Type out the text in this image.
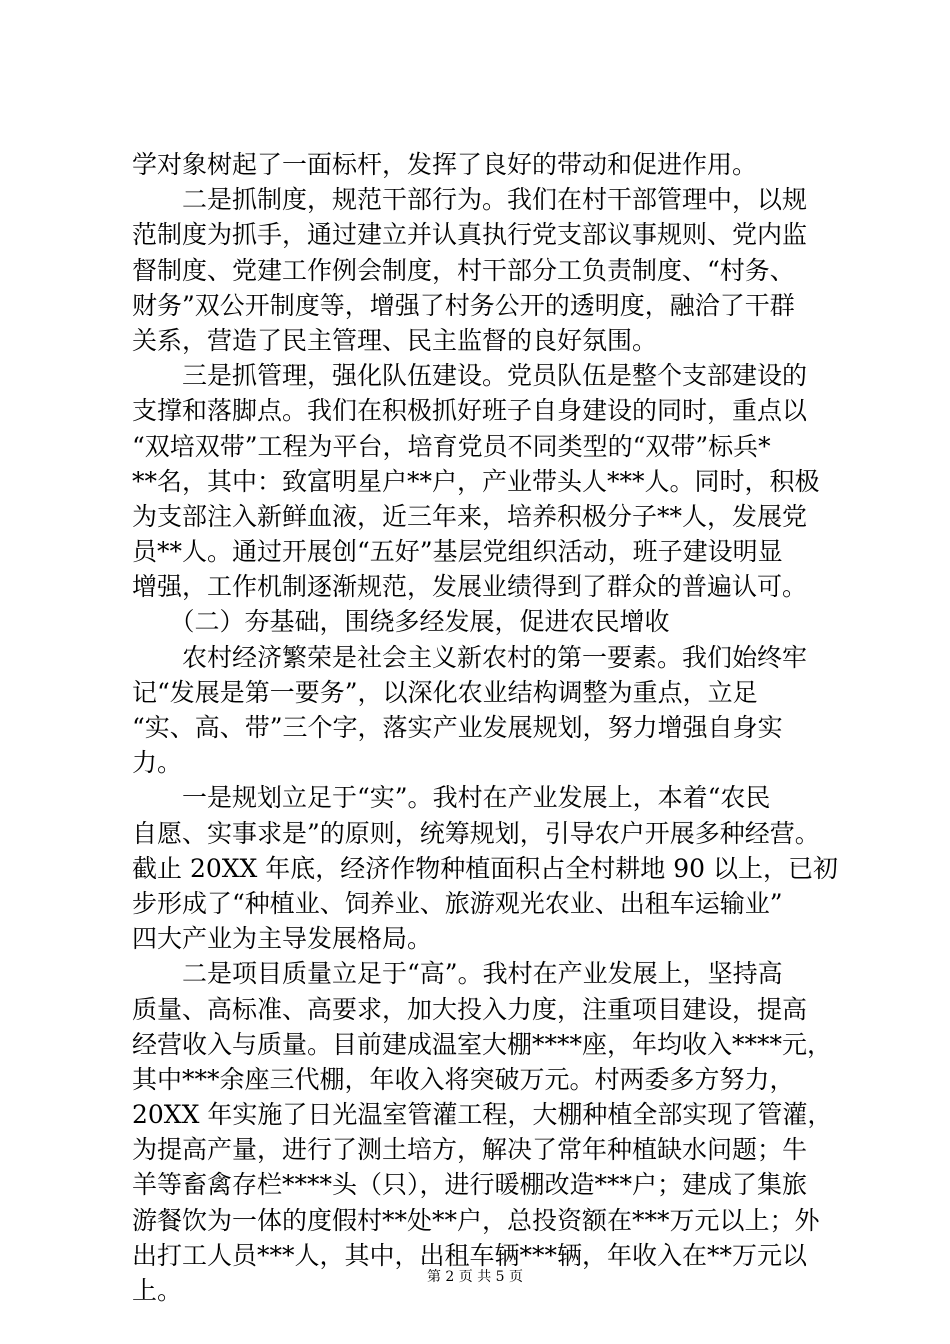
学对象树起了一面标杆，发挥了良好的带动和促进作用。
　　二是抓制度，规范干部行为。我们在村干部管理中，以规
范制度为抓手，通过建立并认真执行党支部议事规则、党内监
督制度、党建工作例会制度，村干部分工负责制度、“村务、
财务”双公开制度等，增强了村务公开的透明度，融洽了干群
关系，营造了民主管理、民主监督的良好氛围。
　　三是抓管理，强化队伍建设。党员队伍是整个支部建设的
支撑和落脚点。我们在积极抓好班子自身建设的同时，重点以
“双培双带”工程为平台，培育党员不同类型的“双带”标兵*
**名，其中：致富明星户**户，产业带头人***人。同时，积极
为支部注入新鲜血液，近三年来，培养积极分子**人，发展党
员**人。通过开展创“五好”基层党组织活动，班子建设明显
增强，工作机制逐渐规范，发展业绩得到了群众的普遍认可。
　　（二）夯基础，围绕多经发展，促进农民增收
　　农村经济繁荣是社会主义新农村的第一要素。我们始终牢
记“发展是第一要务”，以深化农业结构调整为重点，立足
“实、高、带”三个字，落实产业发展规划，努力增强自身实
力。
　　一是规划立足于“实”。我村在产业发展上，本着“农民
自愿、实事求是”的原则，统筹规划，引导农户开展多种经营。
截止 20XX 年底，经济作物种植面积占全村耕地 90 以上，已初
步形成了“种植业、饲养业、旅游观光农业、出租车运输业”
四大产业为主导发展格局。
　　二是项目质量立足于“高”。我村在产业发展上，坚持高
质量、高标准、高要求，加大投入力度，注重项目建设，提高
经营收入与质量。目前建成温室大棚****座，年均收入****元，
其中***余座三代棚，年收入将突破万元。村两委多方努力，
20XX 年实施了日光温室管灌工程，大棚种植全部实现了管灌，
为提高产量，进行了测土培方，解决了常年种植缺水问题；牛
羊等畜禽存栏****头（只），进行暖棚改造***户；建成了集旅
游餐饮为一体的度假村**处**户，总投资额在***万元以上；外
出打工人员***人，其中，出租车辆***辆，年收入在**万元以
上。	第 2 页 共 5 页
